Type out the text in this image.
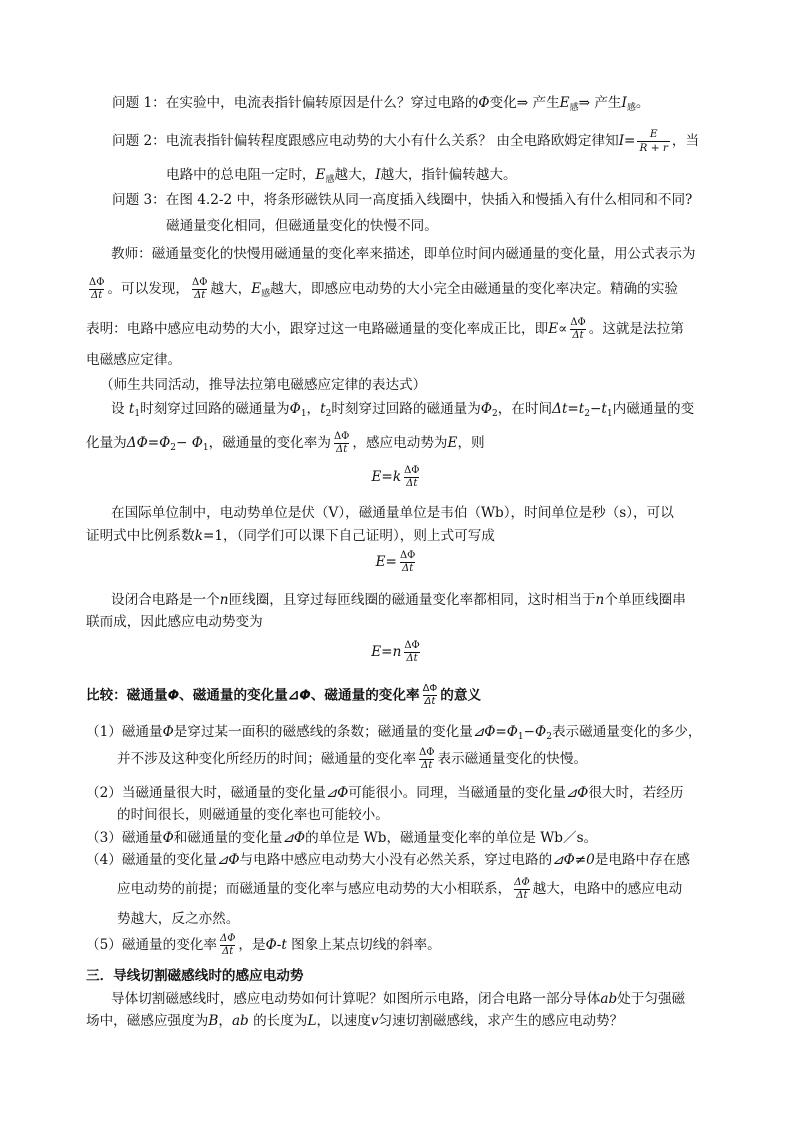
问题 1：在实验中，电流表指针偏转原因是什么？穿过电路的Φ变化⇒ 产生$E_感\Rightarrow$ 产生$I_感$。
问题 2：电流表指针偏转程度跟感应电动势的大小有什么关系？ 由全电路欧姆定律知$I= \frac{E}{R + r}$ ，当
电路中的总电阻一定时，$E_感$越大，I越大，指针偏转越大。
问题 3：在图 4.2-2 中，将条形磁铁从同一高度插入线圈中，快插入和慢插入有什么相同和不同?
磁通量变化相同，但磁通量变化的快慢不同。
教师：磁通量变化的快慢用磁通量的变化率来描述，即单位时间内磁通量的变化量，用公式表示为
$\frac{\Delta\Phi}{\Delta t}$ 。可以发现， $\frac{\Delta\Phi}{\Delta t}$ 越大，$E_感$越大，即感应电动势的大小完全由磁通量的变化率决定。精确的实验
表明：电路中感应电动势的大小，跟穿过这一电路磁通量的变化率成正比，即$E\propto \frac{\Delta\Phi}{\Delta t}$ 。这就是法拉第
电磁感应定律。
（师生共同活动，推导法拉第电磁感应定律的表达式）
设 $t_1$时刻穿过回路的磁通量为$\Phi_1$，$t_2$时刻穿过回路的磁通量为$\Phi_2$，在时间$\Delta t=t_2-t_1$内磁通量的变
化量为$\Delta\Phi=\Phi_2- \Phi_1$，磁通量的变化率为 $\frac{\Delta\Phi}{\Delta t}$ ，感应电动势为E，则
$E=k \frac{\Delta\Phi}{\Delta t}$
在国际单位制中，电动势单位是伏（V），磁通量单位是韦伯（Wb），时间单位是秒（s），可以
证明式中比例系数k=1，（同学们可以课下自己证明），则上式可写成
$E= \frac{\Delta\Phi}{\Delta t}$
设闭合电路是一个n匝线圈，且穿过每匝线圈的磁通量变化率都相同，这时相当于n个单匝线圈串
联而成，因此感应电动势变为
$E=n \frac{\Delta\Phi}{\Delta t}$
比较：磁通量Φ、磁通量的变化量⊿Φ、磁通量的变化率 $\frac{\Delta\Phi}{\Delta t}$ 的意义
（1）磁通量Φ是穿过某一面积的磁感线的条数；磁通量的变化量$⊿\Phi=\Phi_1-\Phi_2$表示磁通量变化的多少，
并不涉及这种变化所经历的时间；磁通量的变化率 $\frac{\Delta\Phi}{\Delta t}$ 表示磁通量变化的快慢。
（2）当磁通量很大时，磁通量的变化量⊿Φ可能很小。同理，当磁通量的变化量⊿Φ很大时，若经历
的时间很长，则磁通量的变化率也可能较小。
（3）磁通量Φ和磁通量的变化量⊿Φ的单位是 Wb，磁通量变化率的单位是 Wb／s。
（4）磁通量的变化量⊿Φ与电路中感应电动势大小没有必然关系，穿过电路的⊿Φ≠0是电路中存在感
应电动势的前提；而磁通量的变化率与感应电动势的大小相联系， $\frac{\Delta\Phi}{\Delta t}$ 越大，电路中的感应电动
势越大，反之亦然。
（5）磁通量的变化率 $\frac{\Delta\Phi}{\Delta t}$ ，是Φ-t 图象上某点切线的斜率。
三．导线切割磁感线时的感应电动势
导体切割磁感线时，感应电动势如何计算呢？如图所示电路，闭合电路一部分导体ab处于匀强磁
场中，磁感应强度为B，ab 的长度为L，以速度v匀速切割磁感线，求产生的感应电动势？
